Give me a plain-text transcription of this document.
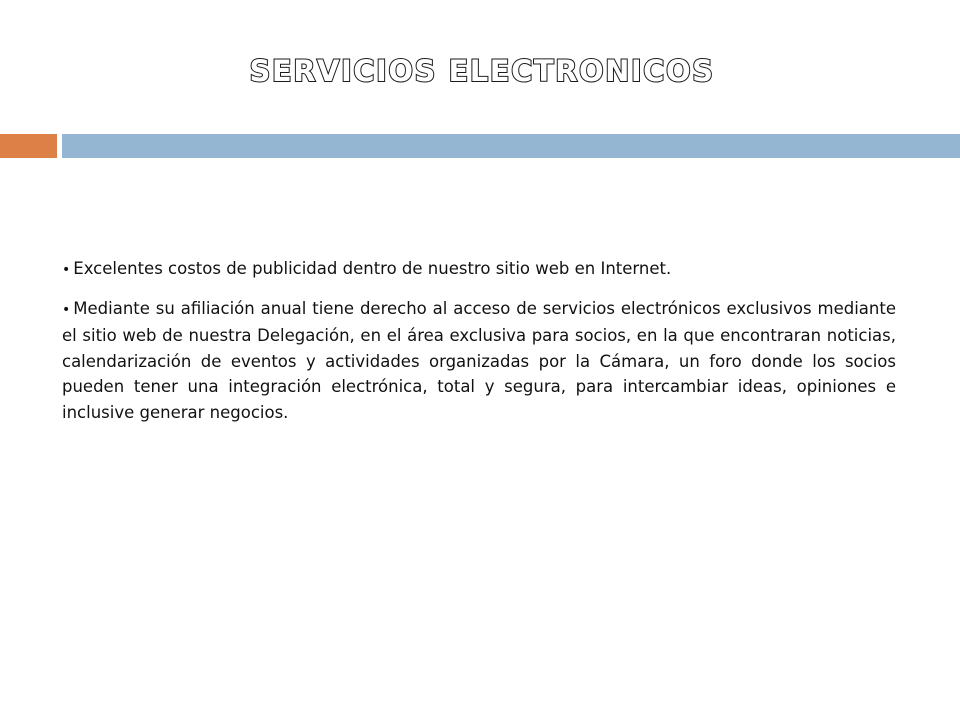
SERVICIOS ELECTRONICOS

• Excelentes costos de publicidad dentro de nuestro sitio web en Internet.

• Mediante su afiliación anual tiene derecho al acceso de servicios electrónicos exclusivos mediante el sitio web de nuestra Delegación, en el área exclusiva para socios, en la que encontraran noticias, calendarización de eventos y actividades organizadas por la Cámara, un foro donde los socios pueden tener una integración electrónica, total y segura, para intercambiar ideas, opiniones e inclusive generar negocios.
